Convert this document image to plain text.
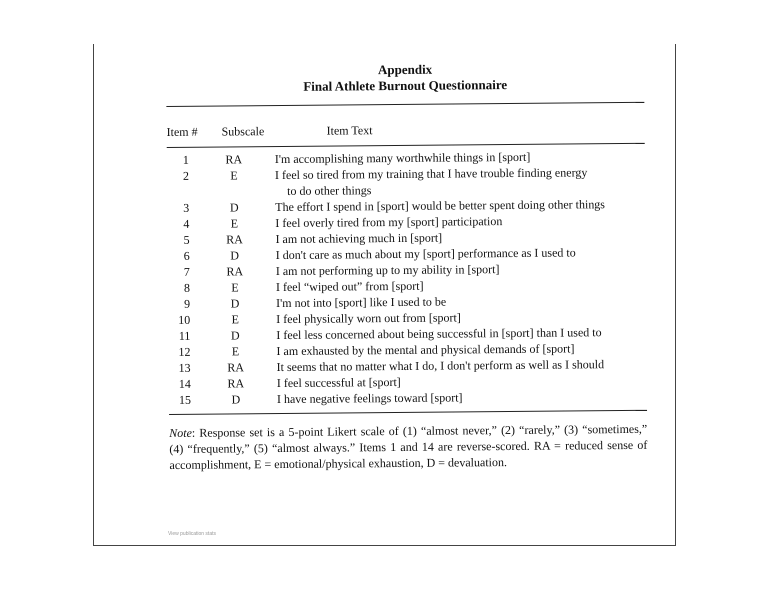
Appendix
Final Athlete Burnout Questionnaire
Item # Subscale	Item Text
1	RA	I'm accomplishing many worthwhile things in [sport]
2	E	I feel so tired from my training that I have trouble finding energy
to do other things
3	D	The effort I spend in [sport] would be better spent doing other things
4	E	I feel overly tired from my [sport] participation
5	RA	I am not achieving much in [sport]
6	D	I don't care as much about my [sport] performance as I used to
7	RA	I am not performing up to my ability in [sport]
8	E	I feel “wiped out” from [sport]
9	D	I'm not into [sport] like I used to be
10	E	I feel physically worn out from [sport]
11	D	I feel less concerned about being successful in [sport] than I used to
12	E	I am exhausted by the mental and physical demands of [sport]
13	RA	It seems that no matter what I do, I don't perform as well as I should
14	RA	I feel successful at [sport]
15	D	I have negative feelings toward [sport]
Note: Response set is a 5-point Likert scale of (1) “almost never,” (2) “rarely,” (3) “sometimes,” (4) “frequently,” (5) “almost always.” Items 1 and 14 are reverse-scored. RA = reduced sense of accomplishment, E = emotional/physical exhaustion, D = devaluation.
View publication stats
